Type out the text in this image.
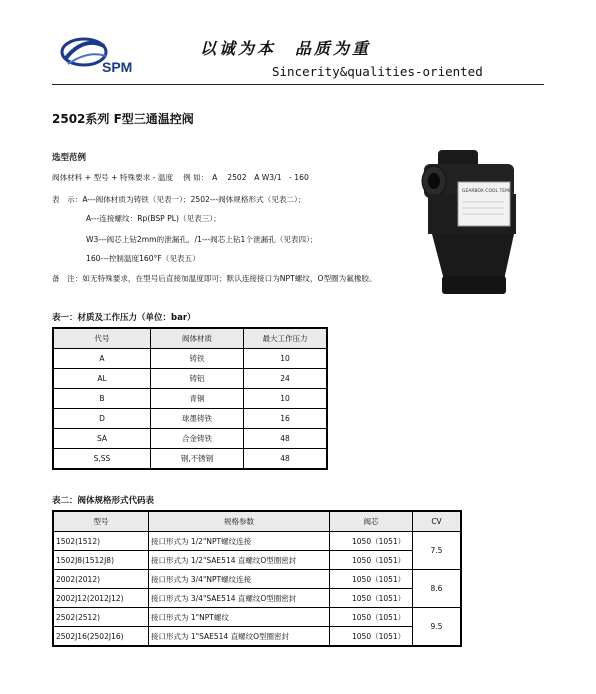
SPM
以诚为本　品质为重
Sincerity&qualities-oriented
2502系列 F型三通温控阀
选型范例
阀体材料 + 型号 + 特殊要求 - 温度　 例 如：　A　 2502　A W3/1　- 160
表　示：A---阀体材质为铸铁（见表一）；2502---阀体规格形式（见表二）；
A---连接螺纹：Rp(BSP PL)（见表三）；
W3---阀芯上钻2mm的泄漏孔，/1---阀芯上钻1个泄漏孔（见表四）；
160---控制温度160°F（见表五）
备　注：如无特殊要求，在型号后直接加温度即可；默认连接接口为NPT螺纹，O型圈为氟橡胶。
GEARBOX COOL TEMP
表一：材质及工作压力（单位：bar）
代号	阀体材质	最大工作压力
A	铸铁	10
AL	铸铝	24
B	青铜	10
D	球墨铸铁	16
SA	合金铸铁	48
S,SS	钢,不锈钢	48
表二：阀体规格形式代码表
型号	规格参数	阀芯	CV
1502(1512)	接口形式为 1/2"NPT螺纹连接	1050（1051）	7.5
1502J8(1512J8)	接口形式为 1/2"SAE514 直螺纹O型圈密封	1050（1051）	
2002(2012)	接口形式为 3/4"NPT螺纹连接	1050（1051）	8.6
2002J12(2012J12)	接口形式为 3/4"SAE514 直螺纹O型圈密封	1050（1051）	
2502(2512)	接口形式为 1"NPT螺纹	1050（1051）	9.5
2502J16(2502J16)	接口形式为 1"SAE514 直螺纹O型圈密封	1050（1051）	
